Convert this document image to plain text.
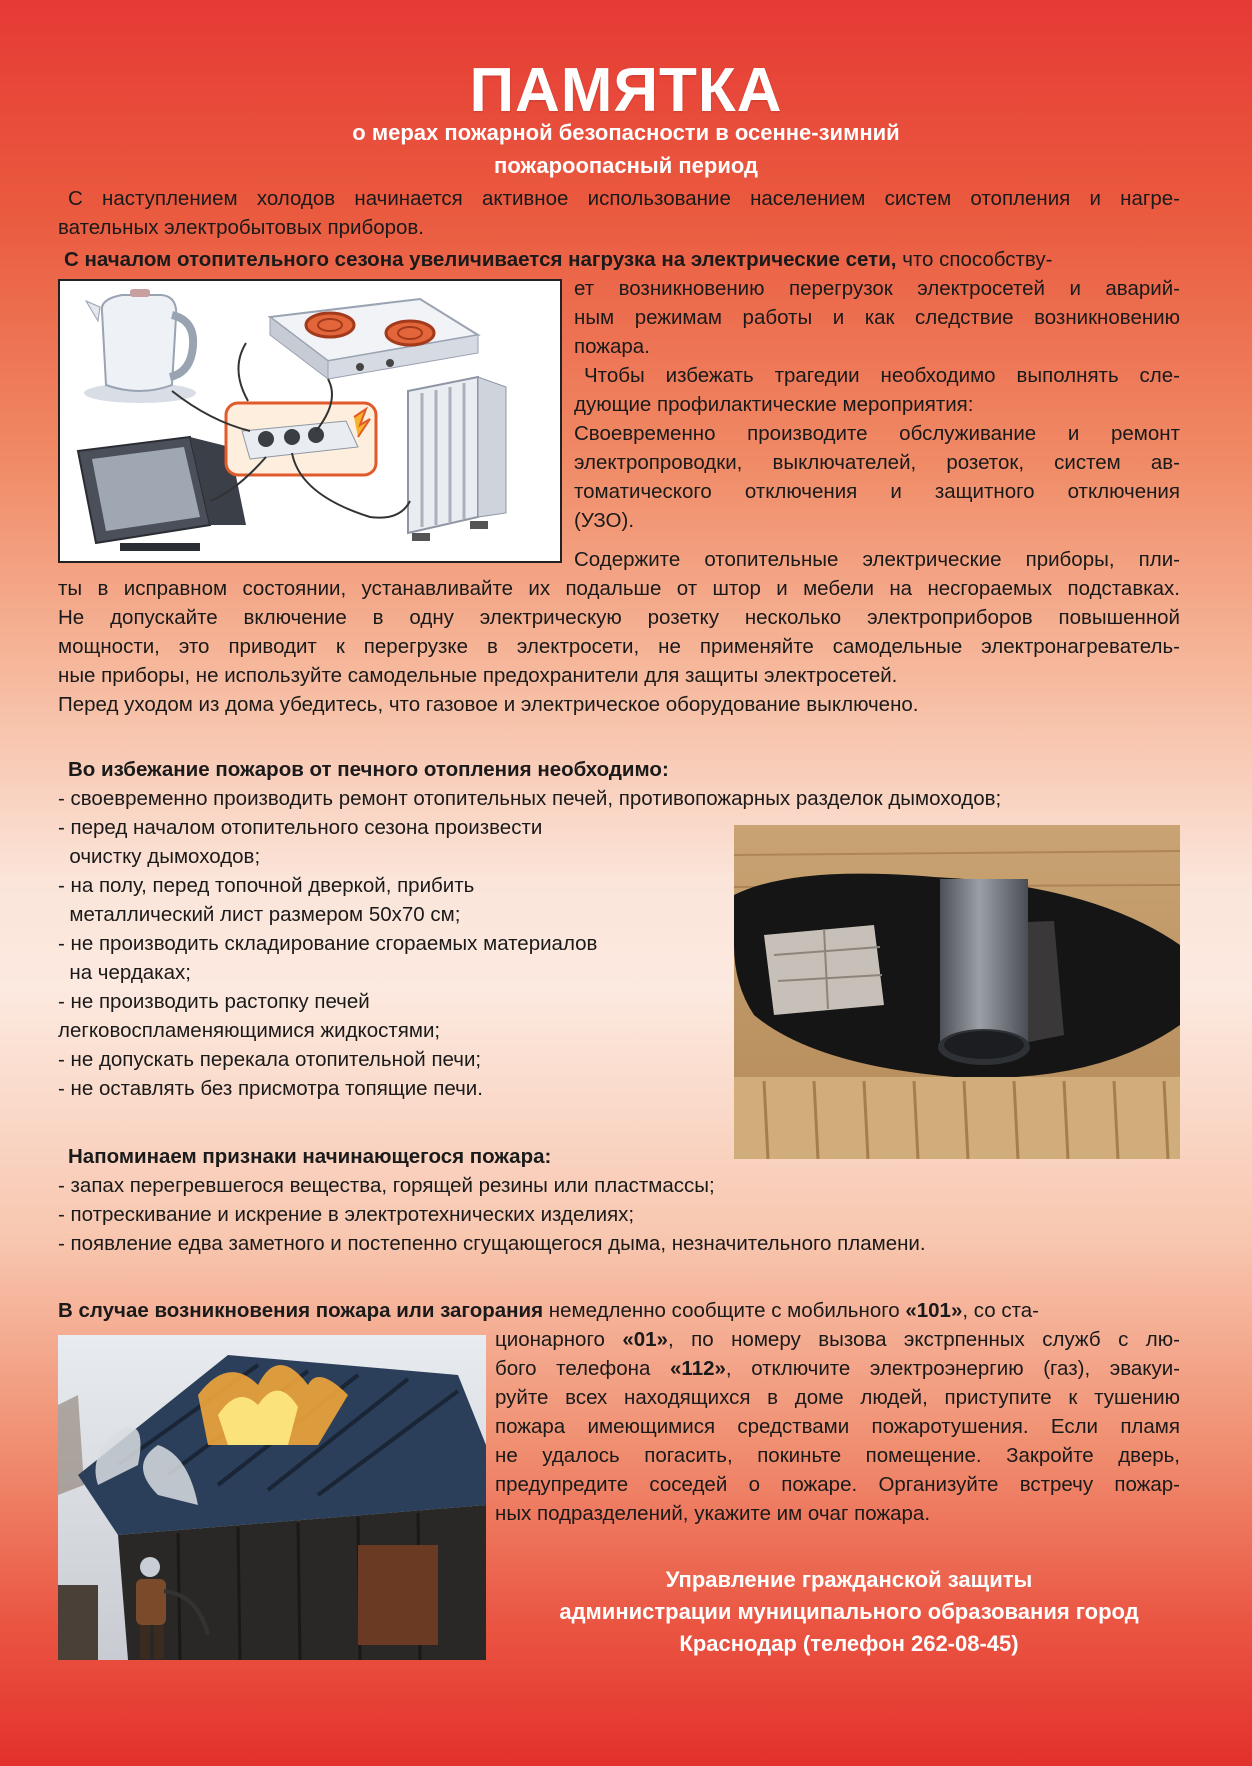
ПАМЯТКА
о мерах пожарной безопасности в осенне-зимний
пожароопасный период
С наступлением холодов начинается активное использование населением систем отопления и нагре-
вательных электробытовых приборов.
С началом отопительного сезона увеличивается нагрузка на электрические сети, что способству-
ет возникновению перегрузок электросетей и аварий-
ным режимам работы и как следствие возникновению
пожара.
Чтобы избежать трагедии необходимо выполнять сле-
дующие профилактические мероприятия:
Своевременно производите обслуживание и ремонт
электропроводки, выключателей, розеток, систем ав-
томатического отключения и защитного отключения
(УЗО).
Содержите отопительные электрические приборы, пли-
ты в исправном состоянии, устанавливайте их подальше от штор и мебели на несгораемых подставках.
Не допускайте включение в одну электрическую розетку несколько электроприборов повышенной
мощности, это приводит к перегрузке в электросети, не применяйте самодельные электронагреватель-
ные приборы, не используйте самодельные предохранители для защиты электросетей.
Перед уходом из дома убедитесь, что газовое и электрическое оборудование выключено.
Во избежание пожаров от печного отопления необходимо:
- своевременно производить ремонт отопительных печей, противопожарных разделок дымоходов;
- перед началом отопительного сезона произвести
очистку дымоходов;
- на полу, перед топочной дверкой, прибить
металлический лист размером 50х70 см;
- не производить складирование сгораемых материалов
на чердаках;
- не производить растопку печей
легковоспламеняющимися жидкостями;
- не допускать перекала отопительной печи;
- не оставлять без присмотра топящие печи.
Напоминаем признаки начинающегося пожара:
- запах перегревшегося вещества, горящей резины или пластмассы;
- потрескивание и искрение в электротехнических изделиях;
- появление едва заметного и постепенно сгущающегося дыма, незначительного пламени.
В случае возникновения пожара или загорания немедленно сообщите с мобильного «101», со ста-
ционарного «01», по номеру вызова экстрпенных служб с лю-
бого телефона «112», отключите электроэнергию (газ), эвакуи-
руйте всех находящихся в доме людей, приступите к тушению
пожара имеющимися средствами пожаротушения. Если пламя
не удалось погасить, покиньте помещение. Закройте дверь,
предупредите соседей о пожаре. Организуйте встречу пожар-
ных подразделений, укажите им очаг пожара.
Управление гражданской защиты
администрации муниципального образования город
Краснодар (телефон 262-08-45)
